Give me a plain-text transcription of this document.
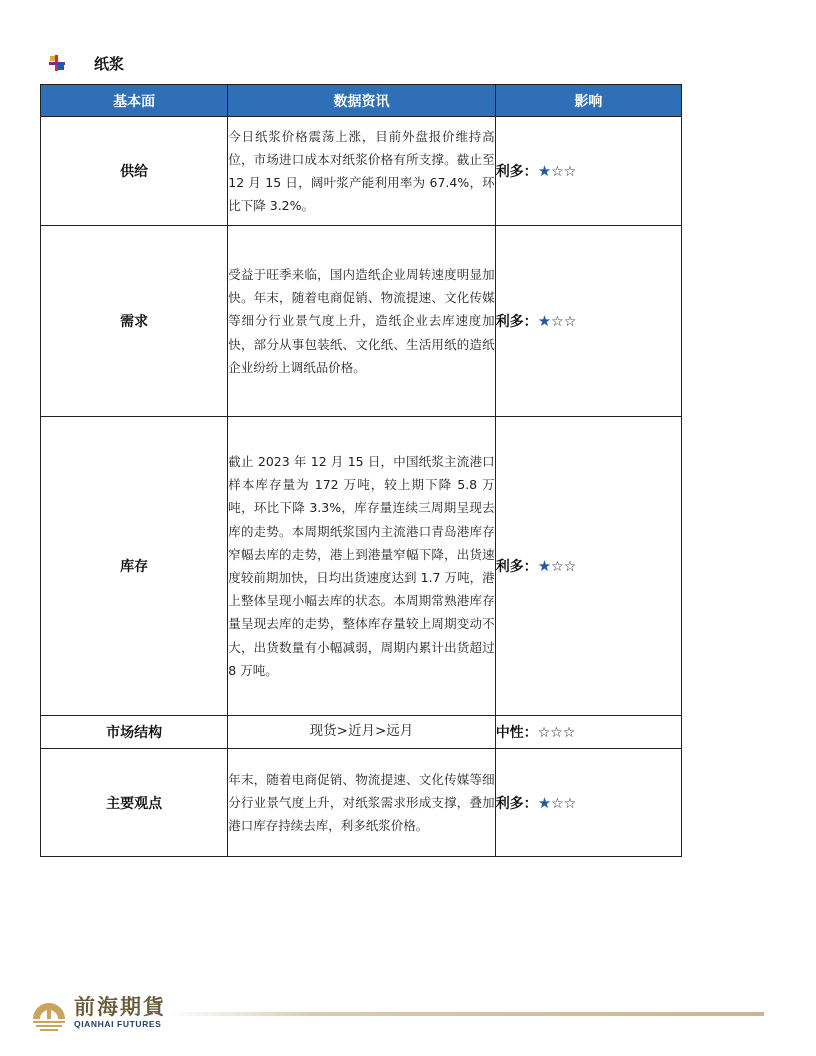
纸浆
基本面	数据资讯	影响
供给	今日纸浆价格震荡上涨，目前外盘报价维持高位，市场进口成本对纸浆价格有所支撑。截止至 12 月 15 日，阔叶浆产能利用率为 67.4%，环比下降 3.2%。	利多：★☆☆
需求	受益于旺季来临，国内造纸企业周转速度明显加快。年末，随着电商促销、物流提速、文化传媒等细分行业景气度上升，造纸企业去库速度加快，部分从事包装纸、文化纸、生活用纸的造纸企业纷纷上调纸品价格。	利多：★☆☆
库存	截止 2023 年 12 月 15 日，中国纸浆主流港口样本库存量为 172 万吨，较上期下降 5.8 万吨，环比下降 3.3%，库存量连续三周期呈现去库的走势。本周期纸浆国内主流港口青岛港库存窄幅去库的走势，港上到港量窄幅下降，出货速度较前期加快，日均出货速度达到 1.7 万吨，港上整体呈现小幅去库的状态。本周期常熟港库存量呈现去库的走势，整体库存量较上周期变动不大，出货数量有小幅减弱，周期内累计出货超过 8 万吨。	利多：★☆☆
市场结构	现货>近月>远月	中性：☆☆☆
主要观点	年末，随着电商促销、物流提速、文化传媒等细分行业景气度上升，对纸浆需求形成支撑，叠加港口库存持续去库，利多纸浆价格。	利多：★☆☆
前海期貨
QIANHAI FUTURES
